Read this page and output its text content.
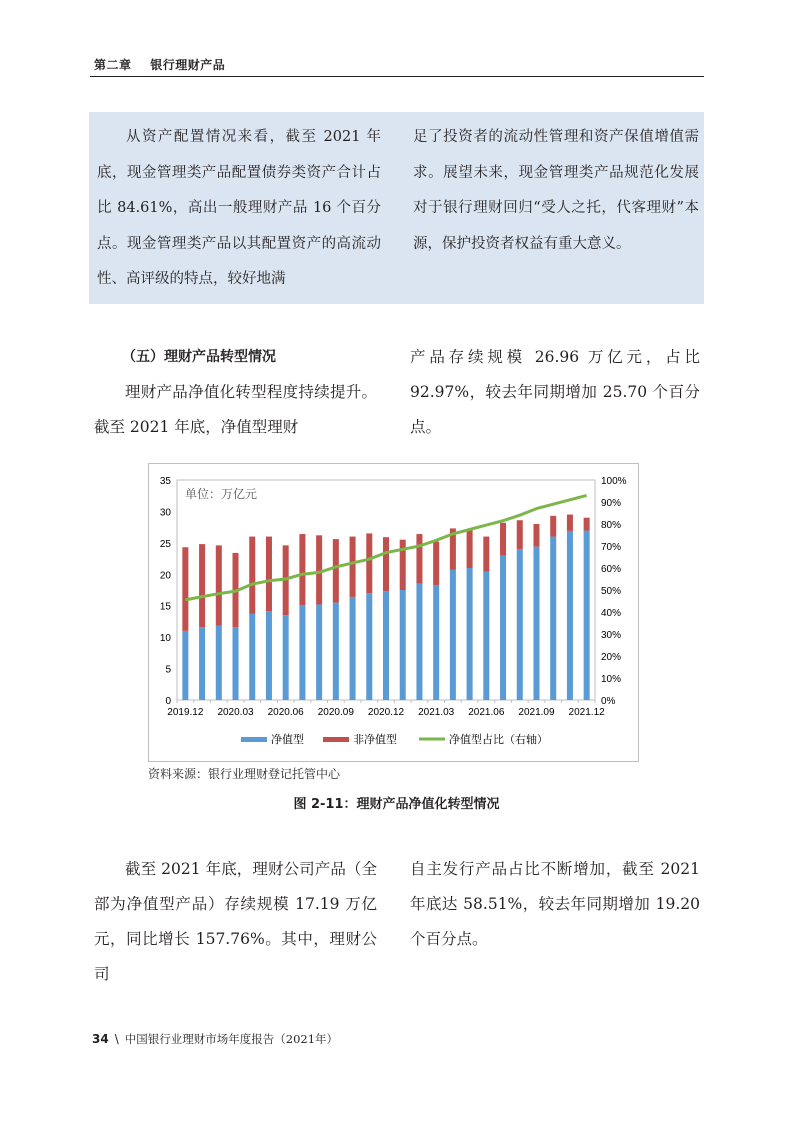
第二章 银行理财产品
从资产配置情况来看，截至 2021 年底，现金管理类产品配置债券类资产合计占比 84.61%，高出一般理财产品 16 个百分点。现金管理类产品以其配置资产的高流动性、高评级的特点，较好地满
足了投资者的流动性管理和资产保值增值需求。展望未来，现金管理类产品规范化发展对于银行理财回归“受人之托，代客理财”本源，保护投资者权益有重大意义。
（五）理财产品转型情况
理财产品净值化转型程度持续提升。截至 2021 年底，净值型理财
产品存续规模 26.96 万亿元，占比 92.97%，较去年同期增加 25.70 个百分点。
单位：万亿元
0
5
10
15
20
25
30
35
0%
10%
20%
30%
40%
50%
60%
70%
80%
90%
100%
2019.12 2020.03 2020.06 2020.09 2020.12 2021.03 2021.06 2021.09 2021.12
净值型	非净值型	净值型占比（右轴）
资料来源：银行业理财登记托管中心
图 2-11：理财产品净值化转型情况
截至 2021 年底，理财公司产品（全部为净值型产品）存续规模 17.19 万亿元，同比增长 157.76%。其中，理财公司
自主发行产品占比不断增加，截至 2021 年底达 58.51%，较去年同期增加 19.20 个百分点。
34 \ 中国银行业理财市场年度报告（2021年）
